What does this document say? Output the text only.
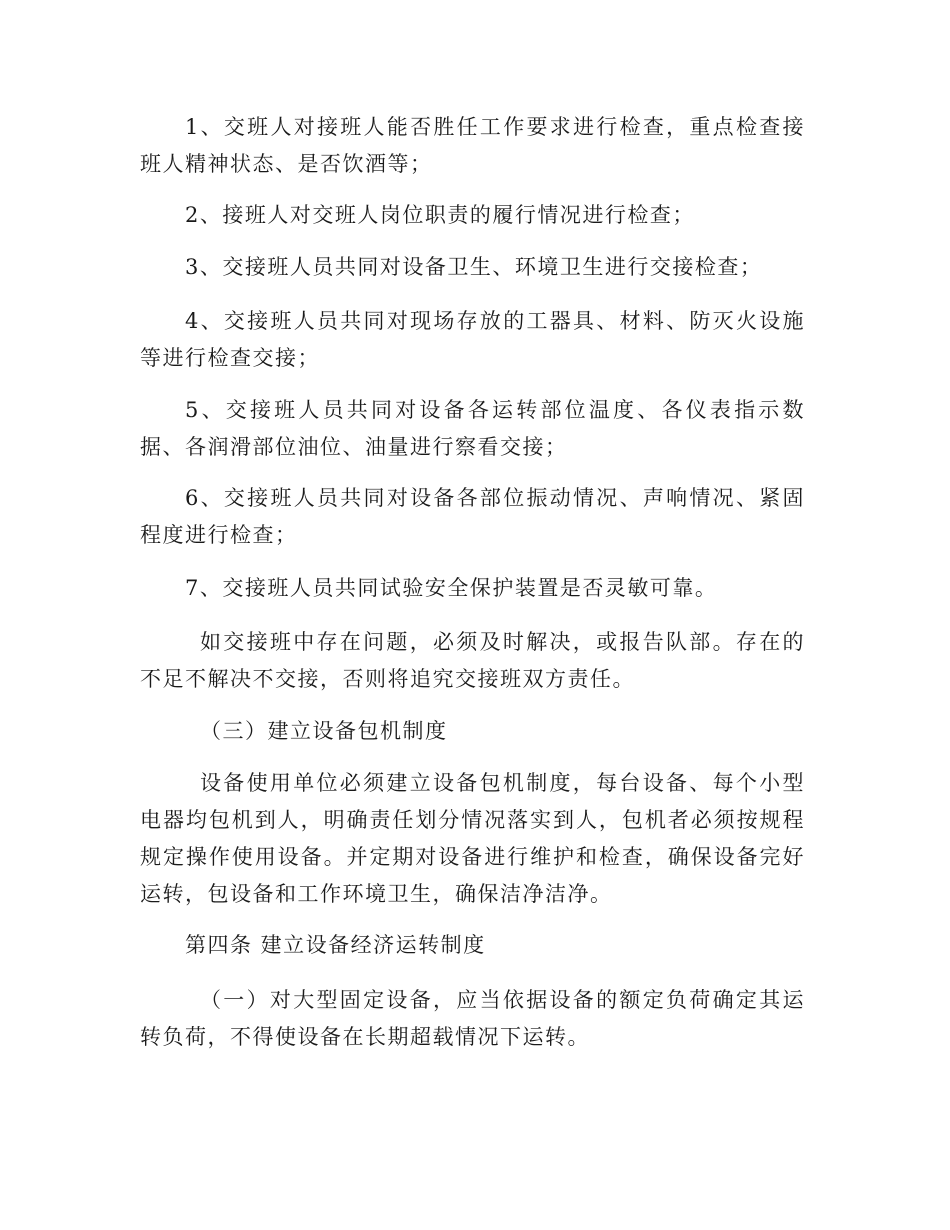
1、交班人对接班人能否胜任工作要求进行检查，重点检查接班人精神状态、是否饮酒等；

2、接班人对交班人岗位职责的履行情况进行检查；

3、交接班人员共同对设备卫生、环境卫生进行交接检查；

4、交接班人员共同对现场存放的工器具、材料、防灭火设施等进行检查交接；

5、交接班人员共同对设备各运转部位温度、各仪表指示数据、各润滑部位油位、油量进行察看交接；

6、交接班人员共同对设备各部位振动情况、声响情况、紧固程度进行检查；

7、交接班人员共同试验安全保护装置是否灵敏可靠。

如交接班中存在问题，必须及时解决，或报告队部。存在的不足不解决不交接，否则将追究交接班双方责任。

（三）建立设备包机制度

设备使用单位必须建立设备包机制度，每台设备、每个小型电器均包机到人，明确责任划分情况落实到人，包机者必须按规程规定操作使用设备。并定期对设备进行维护和检查，确保设备完好运转，包设备和工作环境卫生，确保洁净洁净。

第四条 建立设备经济运转制度

（一）对大型固定设备，应当依据设备的额定负荷确定其运转负荷，不得使设备在长期超载情况下运转。
